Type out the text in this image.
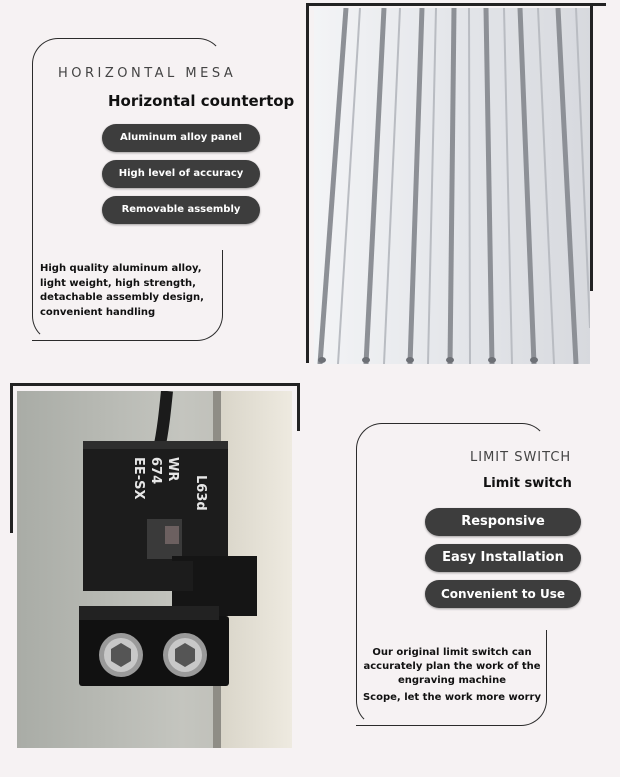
HORIZONTAL MESA
Horizontal countertop
Aluminum alloy panel
High level of accuracy
Removable assembly
High quality aluminum alloy, light weight, high strength, detachable assembly design, convenient handling
EE-SX 674 WR
L63d
LIMIT SWITCH
Limit switch
Responsive
Easy Installation
Convenient to Use
Our original limit switch can accurately plan the work of the engraving machine
Scope, let the work more worry
